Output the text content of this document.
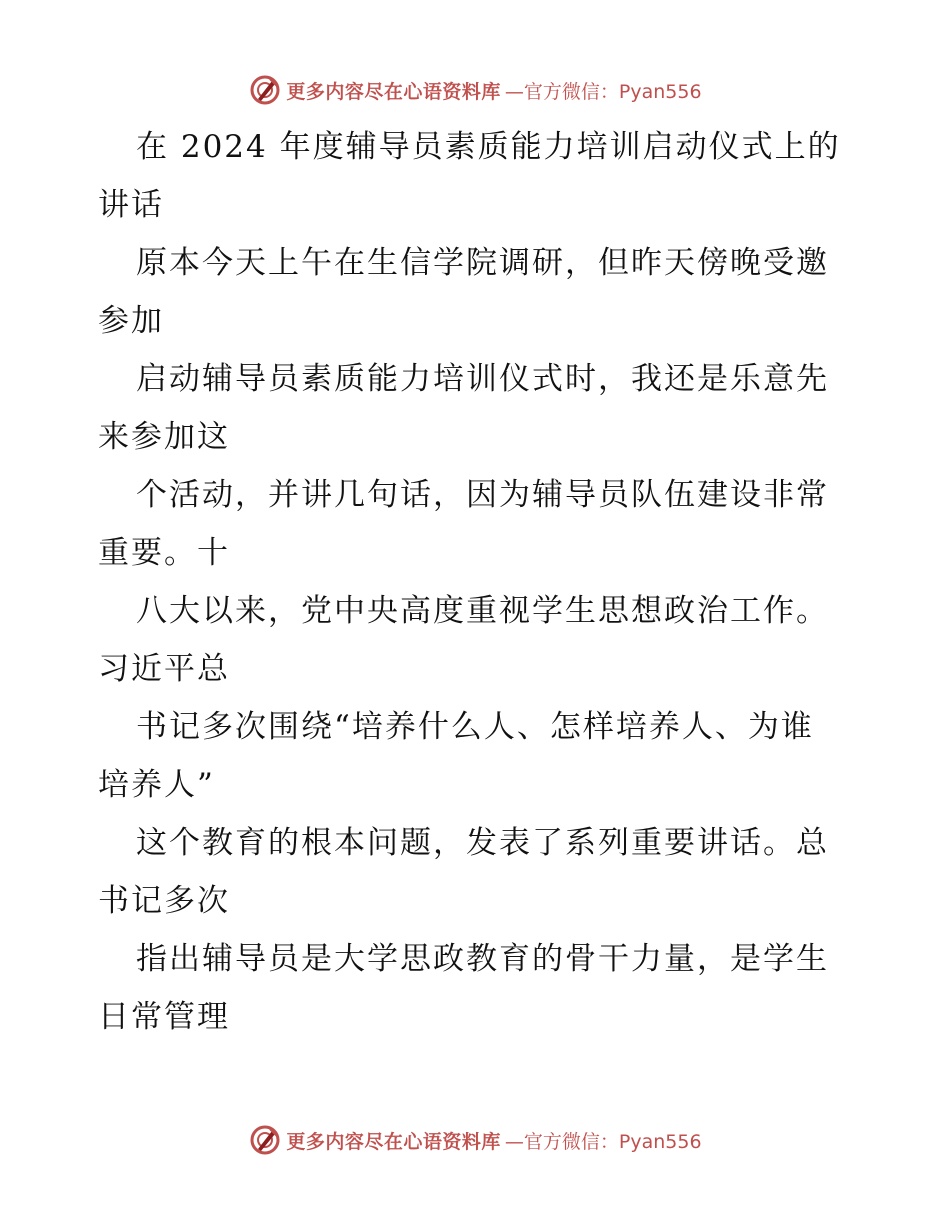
更多内容尽在心语资料库 —官方微信：Pyan556
在 2024 年度辅导员素质能力培训启动仪式上的
讲话
原本今天上午在生信学院调研，但昨天傍晚受邀
参加
启动辅导员素质能力培训仪式时，我还是乐意先
来参加这
个活动，并讲几句话，因为辅导员队伍建设非常
重要。十
八大以来，党中央高度重视学生思想政治工作。
习近平总
书记多次围绕“培养什么人、怎样培养人、为谁
培养人”
这个教育的根本问题，发表了系列重要讲话。总
书记多次
指出辅导员是大学思政教育的骨干力量，是学生
日常管理
更多内容尽在心语资料库 —官方微信：Pyan556
